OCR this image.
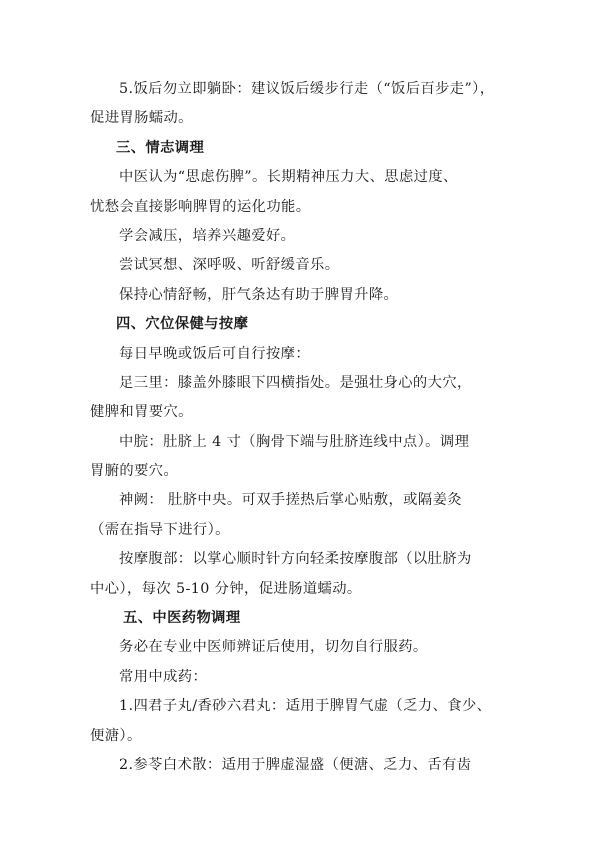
5.饭后勿立即躺卧：建议饭后缓步行走（“饭后百步走”），
促进胃肠蠕动。
三、情志调理
中医认为“思虑伤脾”。长期精神压力大、思虑过度、
忧愁会直接影响脾胃的运化功能。
学会减压，培养兴趣爱好。
尝试冥想、深呼吸、听舒缓音乐。
保持心情舒畅，肝气条达有助于脾胃升降。
四、穴位保健与按摩
每日早晚或饭后可自行按摩：
足三里：膝盖外膝眼下四横指处。是强壮身心的大穴，
健脾和胃要穴。
中脘：肚脐上 4 寸（胸骨下端与肚脐连线中点）。调理
胃腑的要穴。
神阙： 肚脐中央。可双手搓热后掌心贴敷，或隔姜灸
（需在指导下进行）。
按摩腹部：以掌心顺时针方向轻柔按摩腹部（以肚脐为
中心），每次 5-10 分钟，促进肠道蠕动。
五、中医药物调理
务必在专业中医师辨证后使用，切勿自行服药。
常用中成药：
1.四君子丸/香砂六君丸：适用于脾胃气虚（乏力、食少、
便溏）。
2.参苓白术散：适用于脾虚湿盛（便溏、乏力、舌有齿
